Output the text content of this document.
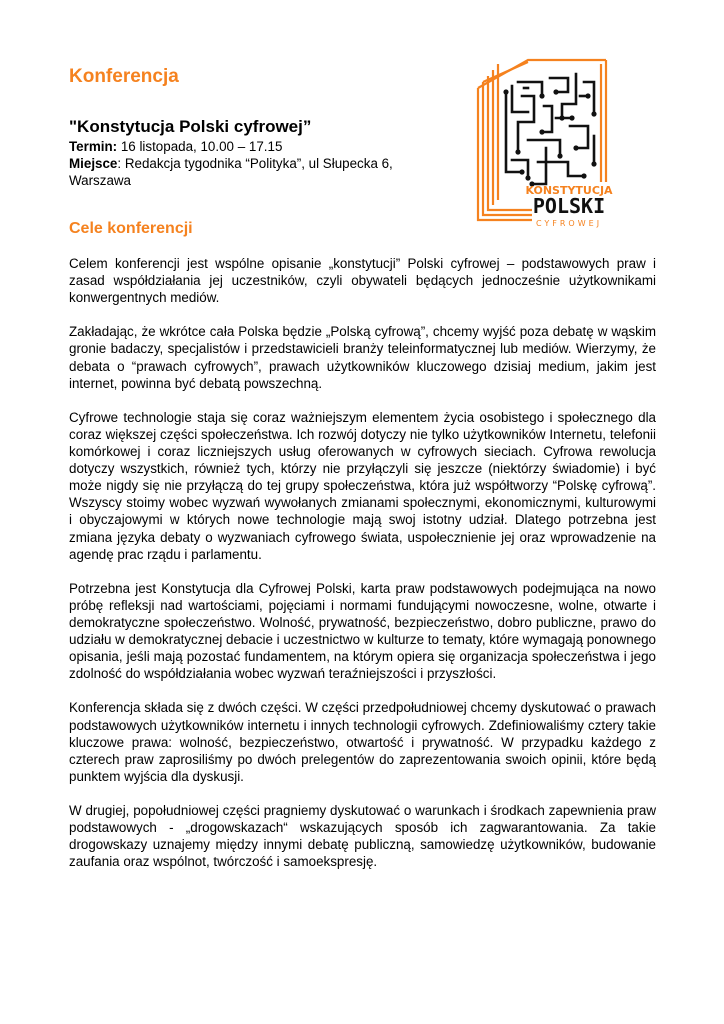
Konferencja
"Konstytucja Polski cyfrowej”
Termin: 16 listopada, 10.00 – 17.15
Miejsce: Redakcja tygodnika “Polityka”, ul Słupecka 6, Warszawa
KONSTYTUCJA
POLSKI
CYFROWEJ
Cele konferencji

Celem konferencji jest wspólne opisanie „konstytucji” Polski cyfrowej – podstawowych praw i zasad współdziałania jej uczestników, czyli obywateli będących jednocześnie użytkownikami konwergentnych mediów.

Zakładając, że wkrótce cała Polska będzie „Polską cyfrową”, chcemy wyjść poza debatę w wąskim gronie badaczy, specjalistów i przedstawicieli branży teleinformatycznej lub mediów. Wierzymy, że debata o “prawach cyfrowych”, prawach użytkowników kluczowego dzisiaj medium, jakim jest internet, powinna być debatą powszechną.

Cyfrowe technologie staja się coraz ważniejszym elementem życia osobistego i społecznego dla coraz większej części społeczeństwa. Ich rozwój dotyczy nie tylko użytkowników Internetu, telefonii komórkowej i coraz liczniejszych usług oferowanych w cyfrowych sieciach. Cyfrowa rewolucja dotyczy wszystkich, również tych, którzy nie przyłączyli się jeszcze (niektórzy świadomie) i być może nigdy się nie przyłączą do tej grupy społeczeństwa, która już współtworzy “Polskę cyfrową”. Wszyscy stoimy wobec wyzwań wywołanych zmianami społecznymi, ekonomicznymi, kulturowymi i obyczajowymi w których nowe technologie mają swoj istotny udział. Dlatego potrzebna jest zmiana języka debaty o wyzwaniach cyfrowego świata, uspołecznienie jej oraz wprowadzenie na agendę prac rządu i parlamentu.

Potrzebna jest Konstytucja dla Cyfrowej Polski, karta praw podstawowych podejmująca na nowo próbę refleksji nad wartościami, pojęciami i normami fundującymi nowoczesne, wolne, otwarte i demokratyczne społeczeństwo. Wolność, prywatność, bezpieczeństwo, dobro publiczne, prawo do udziału w demokratycznej debacie i uczestnictwo w kulturze to tematy, które wymagają ponownego opisania, jeśli mają pozostać fundamentem, na którym opiera się organizacja społeczeństwa i jego zdolność do współdziałania wobec wyzwań teraźniejszości i przyszłości.

Konferencja składa się z dwóch części. W części przedpołudniowej chcemy dyskutować o prawach podstawowych użytkowników internetu i innych technologii cyfrowych. Zdefiniowaliśmy cztery takie kluczowe prawa: wolność, bezpieczeństwo, otwartość i prywatność. W przypadku każdego z czterech praw zaprosiliśmy po dwóch prelegentów do zaprezentowania swoich opinii, które będą punktem wyjścia dla dyskusji.

W drugiej, popołudniowej części pragniemy dyskutować o warunkach i środkach zapewnienia praw podstawowych - „drogowskazach“ wskazujących sposób ich zagwarantowania. Za takie drogowskazy uznajemy między innymi debatę publiczną, samowiedzę użytkowników, budowanie zaufania oraz wspólnot, twórczość i samoekspresję.
